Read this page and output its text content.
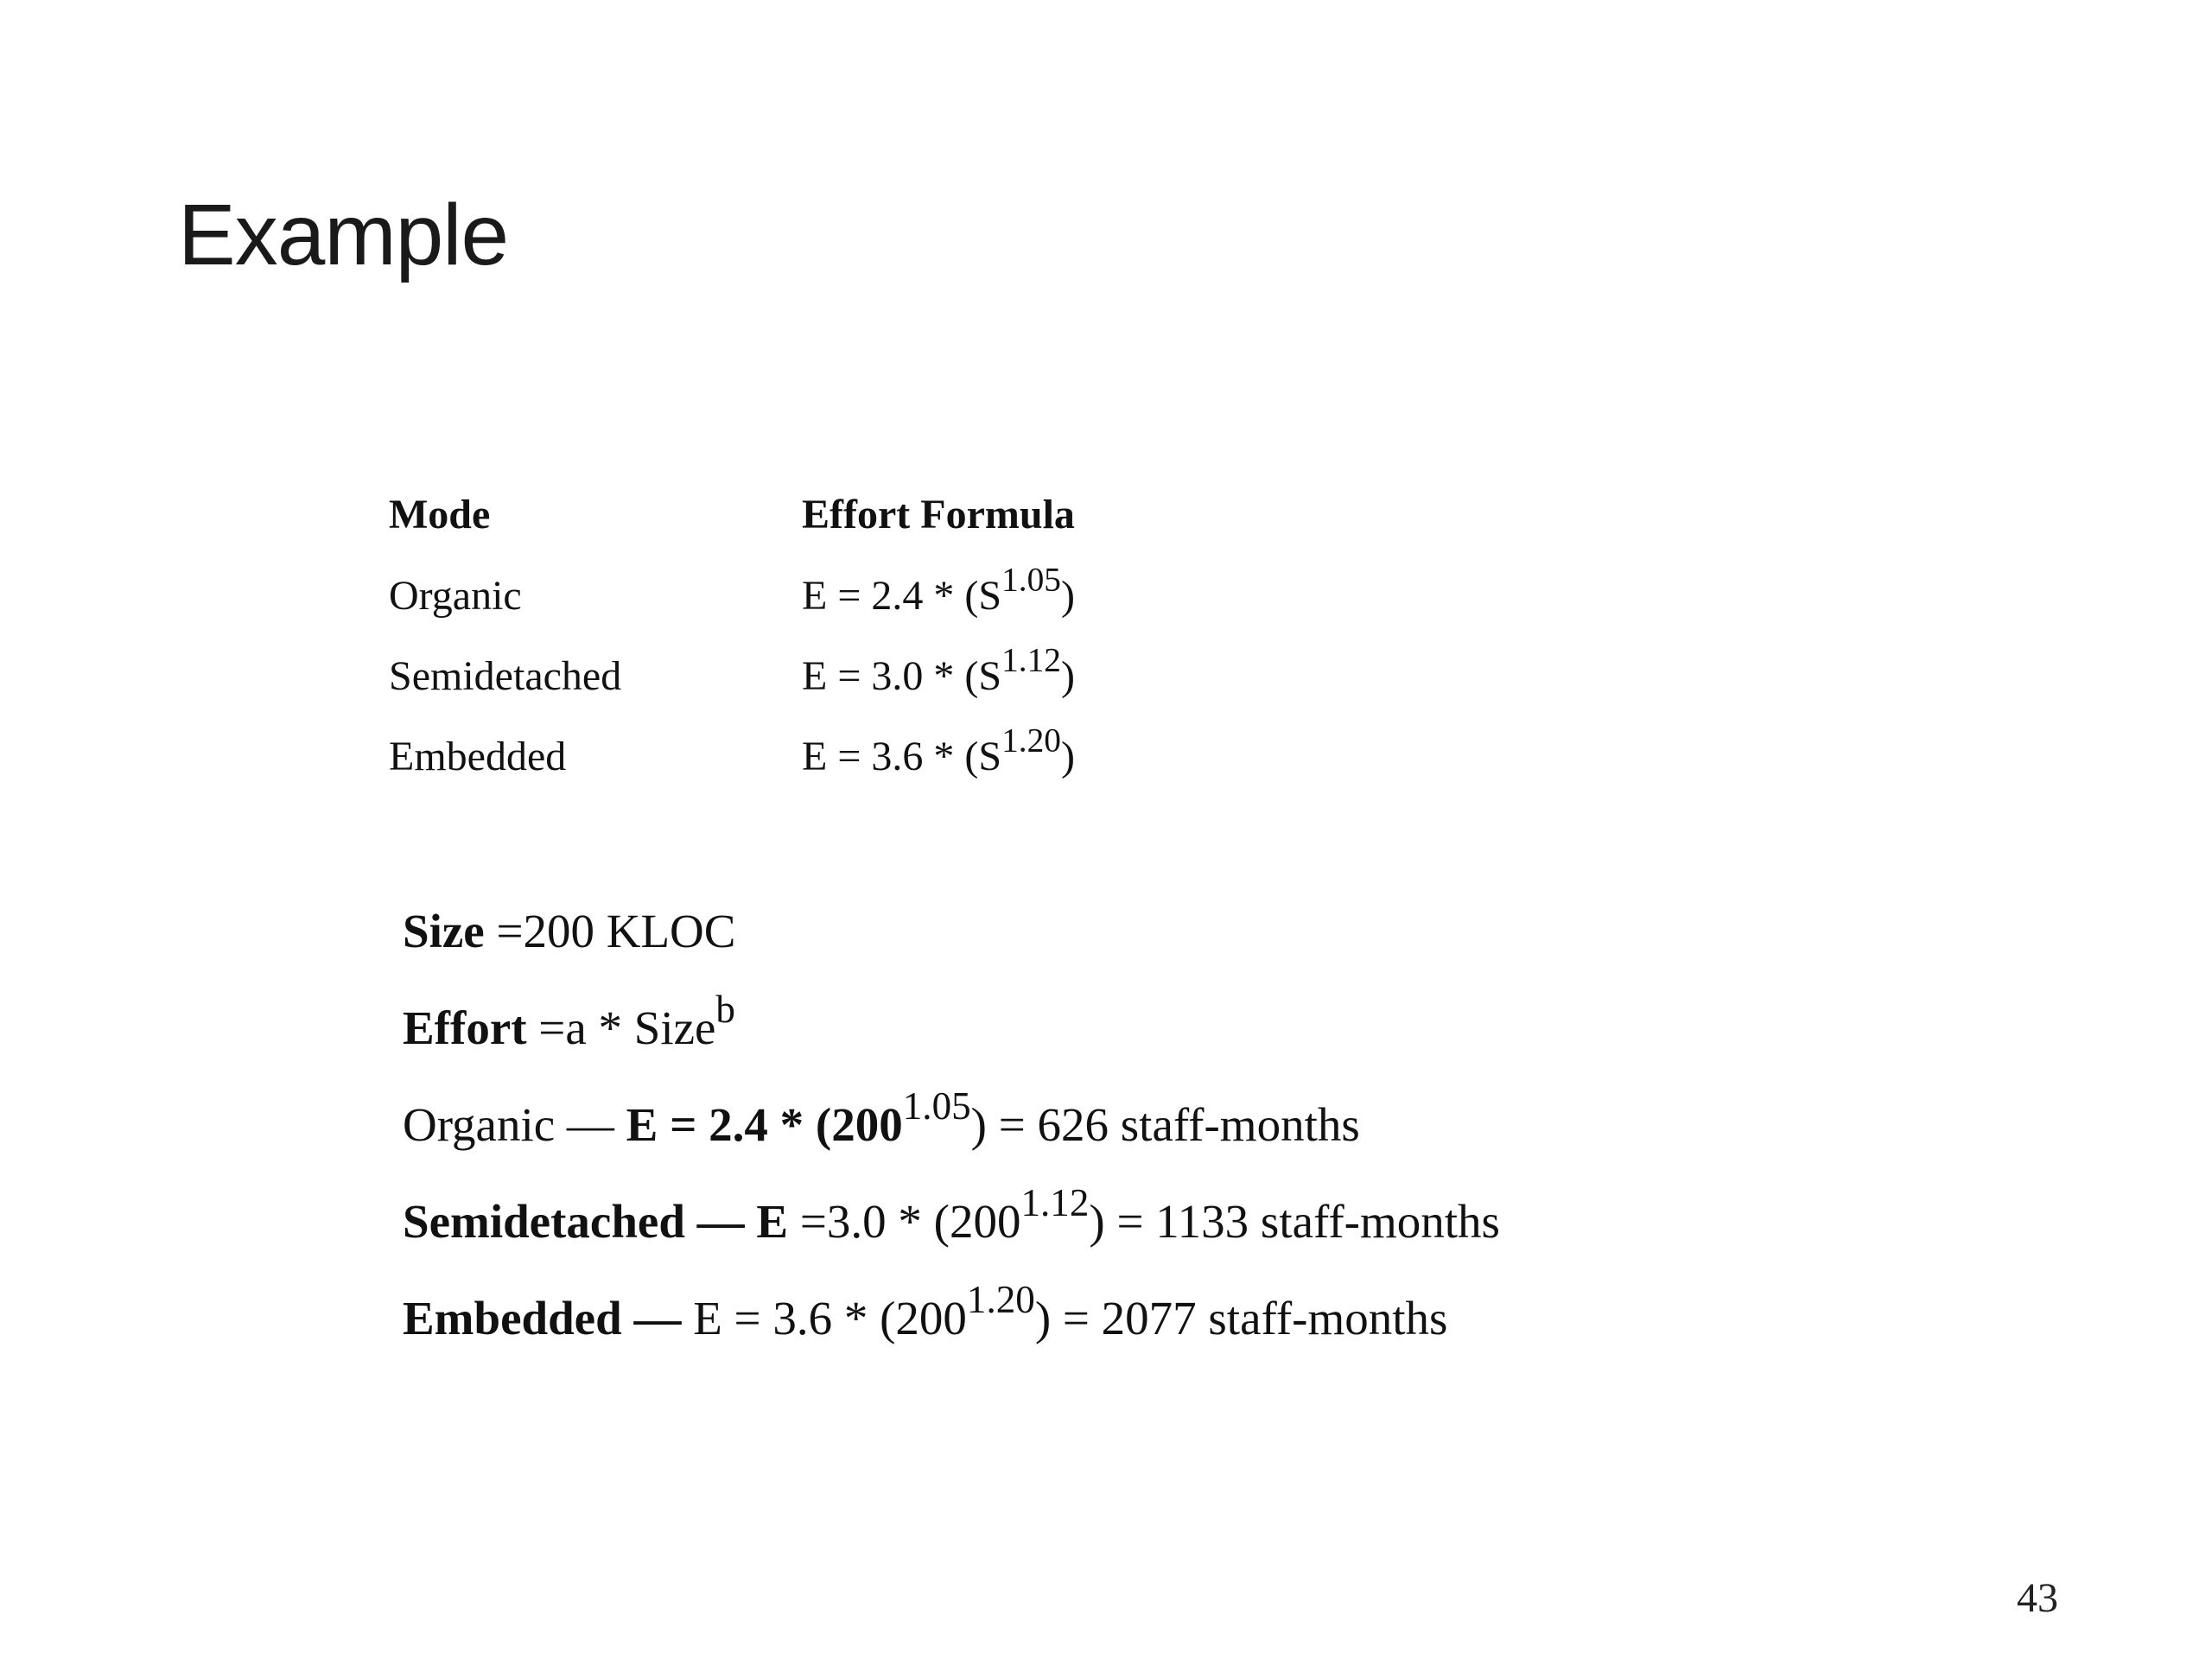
Example
Mode	Effort Formula
Organic	$E = 2.4 * (S^{1.05})$
Semidetached	$E = 3.0 * (S^{1.12})$
Embedded	$E = 3.6 * (S^{1.20})$
Size =200 KLOC
Effort =a * Size$^b$
Organic — $E = 2.4 * (200^{1.05}) = 626$ staff-months
Semidetached — $E =3.0 * (200^{1.12}) = 1133$ staff-months
Embedded — $E = 3.6 * (200^{1.20}) = 2077$ staff-months
43
